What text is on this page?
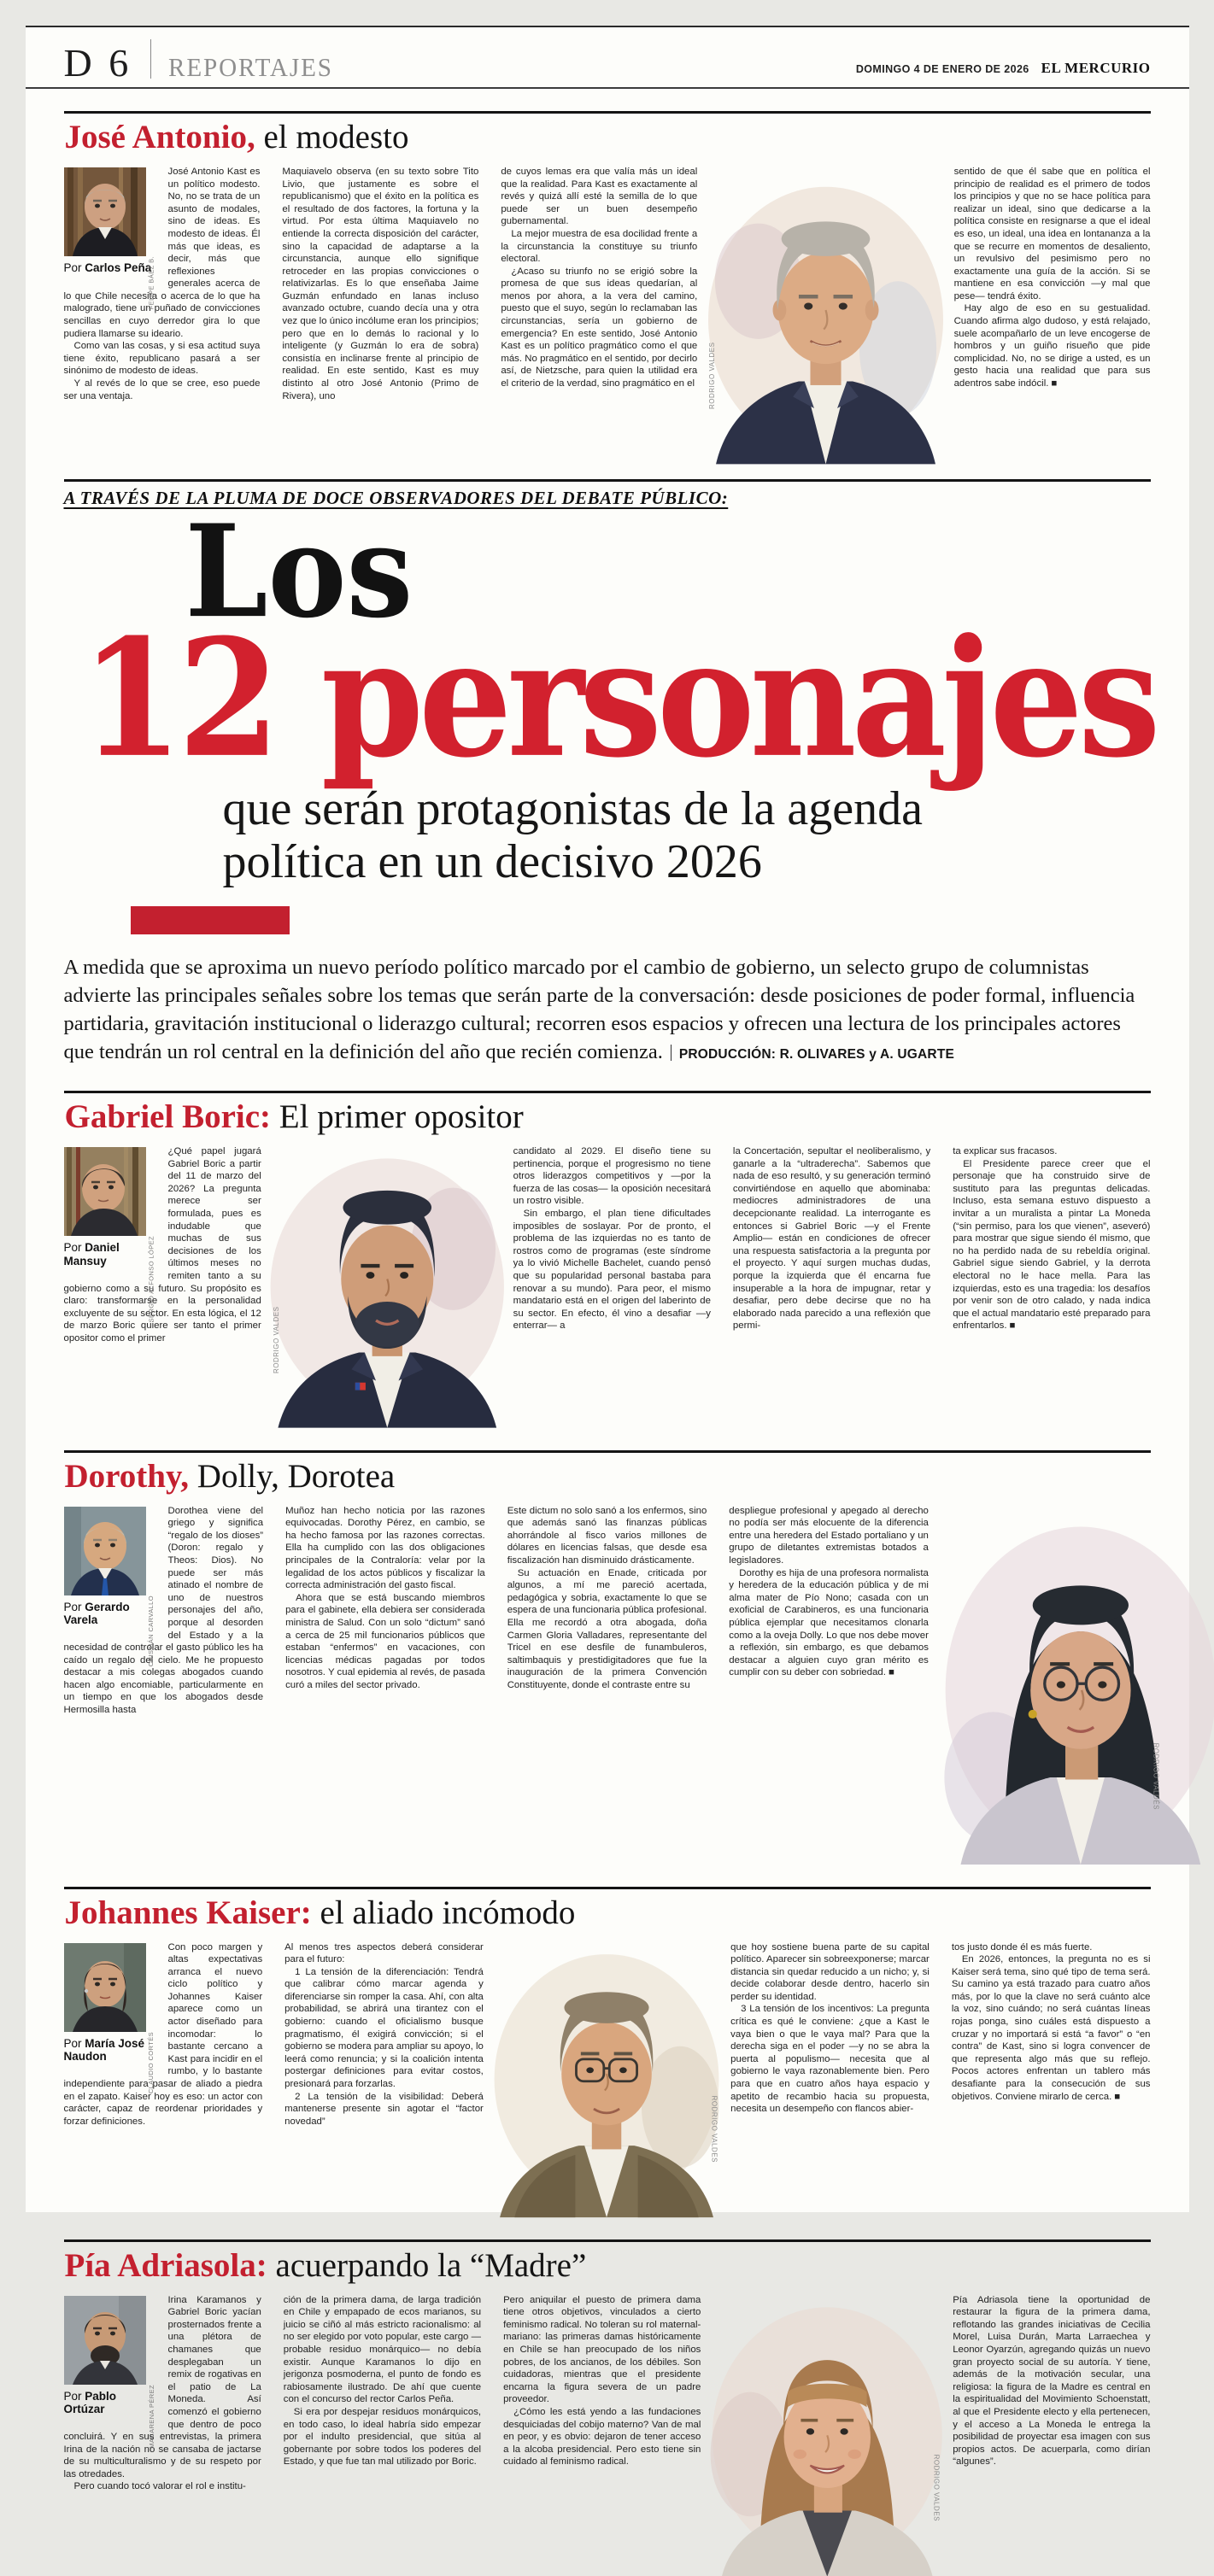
D 6 REPORTAJES	DOMINGO 4 DE ENERO DE 2026 EL MERCURIO
José Antonio, el modesto
FELIPE BÁEZ B.
Por Carlos Peña

José Antonio Kast es un político modesto. No, no se trata de un asunto de modales, sino de ideas. Es modesto de ideas. Él más que ideas, es decir, más que reflexiones generales acerca de lo que Chile necesita o acerca de lo que ha malogrado, tiene un puñado de convicciones sencillas en cuyo derredor gira lo que pudiera llamarse su ideario.

Como van las cosas, y si esa actitud suya tiene éxito, republicano pasará a ser sinónimo de modesto de ideas.

Y al revés de lo que se cree, eso puede ser una ventaja.

Maquiavelo observa (en su texto sobre Tito Livio, que justamente es sobre el republicanismo) que el éxito en la política es el resultado de dos factores, la fortuna y la virtud. Por esta última Maquiavelo no entiende la correcta disposición del carácter, sino la capacidad de adaptarse a la circunstancia, aunque ello signifique retroceder en las propias convicciones o relativizarlas. Es lo que enseñaba Jaime Guzmán enfundado en lanas incluso avanzado octubre, cuando decía una y otra vez que lo único incólume eran los principios; pero que en lo demás lo racional y lo inteligente (y Guzmán lo era de sobra) consistía en inclinarse frente al principio de realidad. En este sentido, Kast es muy distinto al otro José Antonio (Primo de Rivera), uno

de cuyos lemas era que valía más un ideal que la realidad. Para Kast es exactamente al revés y quizá allí esté la semilla de lo que puede ser un buen desempeño gubernamental.

La mejor muestra de esa docilidad frente a la circunstancia la constituye su triunfo electoral.

¿Acaso su triunfo no se erigió sobre la promesa de que sus ideas quedarían, al menos por ahora, a la vera del camino, puesto que el suyo, según lo reclamaban las circunstancias, sería un gobierno de emergencia? En este sentido, José Antonio Kast es un político pragmático como el que más. No pragmático en el sentido, por decirlo así, de Nietzsche, para quien la utilidad era el criterio de la verdad, sino pragmático en el	RODRIGO VALDES

sentido de que él sabe que en política el principio de realidad es el primero de todos los principios y que no se hace política para realizar un ideal, sino que dedicarse a la política consiste en resignarse a que el ideal es eso, un ideal, una idea en lontananza a la que se recurre en momentos de desaliento, un revulsivo del pesimismo pero no exactamente una guía de la acción. Si se mantiene en esa convicción —y mal que pese— tendrá éxito.

Hay algo de eso en su gestualidad. Cuando afirma algo dudoso, y está relajado, suele acompañarlo de un leve encogerse de hombros y un guiño risueño que pide complicidad. No, no se dirige a usted, es un gesto hacia una realidad que para sus adentros sabe indócil. ■

A TRAVÉS DE LA PLUMA DE DOCE OBSERVADORES DEL DEBATE PÚBLICO:
Los
12 personajes
que serán protagonistas de la agenda política en un decisivo 2026
A medida que se aproxima un nuevo período político marcado por el cambio de gobierno, un selecto grupo de columnistas advierte las principales señales sobre los temas que serán parte de la conversación: desde posiciones de poder formal, influencia partidaria, gravitación institucional o liderazgo cultural; recorren esos espacios y ofrecen una lectura de los principales actores que tendrán un rol central en la definición del año que recién comienza. PRODUCCIÓN: R. OLIVARES y A. UGARTE
Gabriel Boric: El primer opositor
SERGIO ALFONSO LÓPEZ
Por Daniel Mansuy

¿Qué papel jugará Gabriel Boric a partir del 11 de marzo del 2026? La pregunta merece ser formulada, pues es indudable que muchas de sus decisiones de los últimos meses no remiten tanto a su gobierno como a su futuro. Su propósito es claro: transformarse en la personalidad excluyente de su sector. En esta lógica, el 12 de marzo Boric quiere ser tanto el primer opositor como el primer	RODRIGO VALDES

candidato al 2029. El diseño tiene su pertinencia, porque el progresismo no tiene otros liderazgos competitivos y —por la fuerza de las cosas— la oposición necesitará un rostro visible.

Sin embargo, el plan tiene dificultades imposibles de soslayar. Por de pronto, el problema de las izquierdas no es tanto de rostros como de programas (este síndrome ya lo vivió Michelle Bachelet, cuando pensó que su popularidad personal bastaba para renovar a su mundo). Para peor, el mismo mandatario está en el origen del laberinto de su sector. En efecto, él vino a desafiar —y enterrar— a

la Concertación, sepultar el neoliberalismo, y ganarle a la “ultraderecha”. Sabemos que nada de eso resultó, y su generación terminó convirtiéndose en aquello que abominaba: mediocres administradores de una decepcionante realidad. La interrogante es entonces si Gabriel Boric —y el Frente Amplio— están en condiciones de ofrecer una respuesta satisfactoria a la pregunta por el proyecto. Y aquí surgen muchas dudas, porque la izquierda que él encarna fue insuperable a la hora de impugnar, retar y desafiar, pero debe decirse que no ha elaborado nada parecido a una reflexión que permi-

ta explicar sus fracasos.

El Presidente parece creer que el personaje que ha construido sirve de sustituto para las preguntas delicadas. Incluso, esta semana estuvo dispuesto a invitar a un muralista a pintar La Moneda (“sin permiso, para los que vienen”, aseveró) para mostrar que sigue siendo él mismo, que no ha perdido nada de su rebeldía original. Gabriel sigue siendo Gabriel, y la derrota electoral no le hace mella. Para las izquierdas, esto es una tragedia: los desafíos por venir son de otro calado, y nada indica que el actual mandatario esté preparado para enfrentarlos. ■

Dorothy, Dolly, Dorotea
CRISTIÁN CARVALLO
Por Gerardo Varela

Dorothea viene del griego y significa “regalo de los dioses” (Doron: regalo y Theos: Dios). No puede ser más atinado el nombre de uno de nuestros personajes del año, porque al desorden del Estado y a la necesidad de controlar el gasto público les ha caído un regalo del cielo. Me he propuesto destacar a mis colegas abogados cuando hacen algo encomiable, particularmente en un tiempo en que los abogados desde Hermosilla hasta

Muñoz han hecho noticia por las razones equivocadas. Dorothy Pérez, en cambio, se ha hecho famosa por las razones correctas. Ella ha cumplido con las dos obligaciones principales de la Contraloría: velar por la legalidad de los actos públicos y fiscalizar la correcta administración del gasto fiscal.

Ahora que se está buscando miembros para el gabinete, ella debiera ser considerada ministra de Salud. Con un solo “dictum” sanó a cerca de 25 mil funcionarios públicos que estaban “enfermos” en vacaciones, con licencias médicas pagadas por todos nosotros. Y cual epidemia al revés, de pasada curó a miles del sector privado.

Este dictum no solo sanó a los enfermos, sino que además sanó las finanzas públicas ahorrándole al fisco varios millones de dólares en licencias falsas, que desde esa fiscalización han disminuido drásticamente.

Su actuación en Enade, criticada por algunos, a mí me pareció acertada, pedagógica y sobria, exactamente lo que se espera de una funcionaria pública profesional. Ella me recordó a otra abogada, doña Carmen Gloria Valladares, representante del Tricel en ese desfile de funambuleros, saltimbaquis y prestidigitadores que fue la inauguración de la primera Convención Constituyente, donde el contraste entre su

despliegue profesional y apegado al derecho no podía ser más elocuente de la diferencia entre una heredera del Estado portaliano y un grupo de diletantes extremistas botados a legisladores.

Dorothy es hija de una profesora normalista y heredera de la educación pública y de mi alma mater de Pío Nono; casada con un exoficial de Carabineros, es una funcionaria pública ejemplar que necesitamos clonarla como a la oveja Dolly. Lo que nos debe mover a reflexión, sin embargo, es que debamos destacar a alguien cuyo gran mérito es cumplir con su deber con sobriedad. ■

RODRIGO VALDÉS
Johannes Kaiser: el aliado incómodo
CLAUDIO CORTÉS
Por María José Naudon

Con poco margen y altas expectativas arranca el nuevo ciclo político y Johannes Kaiser aparece como un actor diseñado para incomodar: lo bastante cercano a Kast para incidir en el rumbo, y lo bastante independiente para pasar de aliado a piedra en el zapato. Kaiser hoy es eso: un actor con carácter, capaz de reordenar prioridades y forzar definiciones.

Al menos tres aspectos deberá considerar para el futuro:

1 La tensión de la diferenciación: Tendrá que calibrar cómo marcar agenda y diferenciarse sin romper la casa. Ahí, con alta probabilidad, se abrirá una tirantez con el gobierno: cuando el oficialismo busque pragmatismo, él exigirá convicción; si el gobierno se modera para ampliar su apoyo, lo leerá como renuncia; y si la coalición intenta postergar definiciones para evitar costos, presionará para forzarlas.

2 La tensión de la visibilidad: Deberá mantenerse presente sin agotar el “factor novedad”	RODRIGO VALDES

que hoy sostiene buena parte de su capital político. Aparecer sin sobreexponerse; marcar distancia sin quedar reducido a un nicho; y, si decide colaborar desde dentro, hacerlo sin perder su identidad.

3 La tensión de los incentivos: La pregunta crítica es qué le conviene: ¿que a Kast le vaya bien o que le vaya mal? Para que la derecha siga en el poder —y no se abra la puerta al populismo— necesita que al gobierno le vaya razonablemente bien. Pero para que en cuatro años haya espacio y apetito de recambio hacia su propuesta, necesita un desempeño con flancos abier-

tos justo donde él es más fuerte.

En 2026, entonces, la pregunta no es si Kaiser será tema, sino qué tipo de tema será. Su camino ya está trazado para cuatro años más, por lo que la clave no será cuánto alce la voz, sino cuándo; no será cuántas líneas rojas ponga, sino cuáles está dispuesto a cruzar y no importará si está “a favor” o “en contra” de Kast, sino si logra convencer de que representa algo más que su reflejo. Pocos actores enfrentan un tablero más desafiante para la consecución de sus objetivos. Conviene mirarlo de cerca. ■

Pía Adriasola: acuerpando la “Madre”
MACARENA PÉREZ
Por Pablo Ortúzar

Irina Karamanos y Gabriel Boric yacían prosternados frente a una plétora de chamanes que desplegaban un remix de rogativas en el patio de La Moneda. Así comenzó el gobierno que dentro de poco concluirá. Y en sus entrevistas, la primera Irina de la nación no se cansaba de jactarse de su multiculturalismo y de su respeto por las otredades.

Pero cuando tocó valorar el rol e institu-

ción de la primera dama, de larga tradición en Chile y empapado de ecos marianos, su juicio se ciñó al más estricto racionalismo: al no ser elegido por voto popular, este cargo —probable residuo monárquico— no debía existir. Aunque Karamanos lo dijo en jerigonza posmoderna, el punto de fondo es rabiosamente ilustrado. De ahí que cuente con el concurso del rector Carlos Peña.

Si era por despejar residuos monárquicos, en todo caso, lo ideal habría sido empezar por el indulto presidencial, que sitúa al gobernante por sobre todos los poderes del Estado, y que fue tan mal utilizado por Boric.

Pero aniquilar el puesto de primera dama tiene otros objetivos, vinculados a cierto feminismo radical. No toleran su rol maternal-mariano: las primeras damas históricamente en Chile se han preocupado de los niños pobres, de los ancianos, de los débiles. Son cuidadoras, mientras que el presidente encarna la figura severa de un padre proveedor.

¿Cómo les está yendo a las fundaciones desquiciadas del cobijo materno? Van de mal en peor, y es obvio: dejaron de tener acceso a la alcoba presidencial. Pero esto tiene sin cuidado al feminismo radical.	RODRIGO VALDES

Pía Adriasola tiene la oportunidad de restaurar la figura de la primera dama, reflotando las grandes iniciativas de Cecilia Morel, Luisa Durán, Marta Larraechea y Leonor Oyarzún, agregando quizás un nuevo gran proyecto social de su autoría. Y tiene, además de la motivación secular, una religiosa: la figura de la Madre es central en la espiritualidad del Movimiento Schoenstatt, al que el Presidente electo y ella pertenecen, y el acceso a La Moneda le entrega la posibilidad de proyectar esa imagen con sus propios actos. De acuerparla, como dirían “algunes”.
